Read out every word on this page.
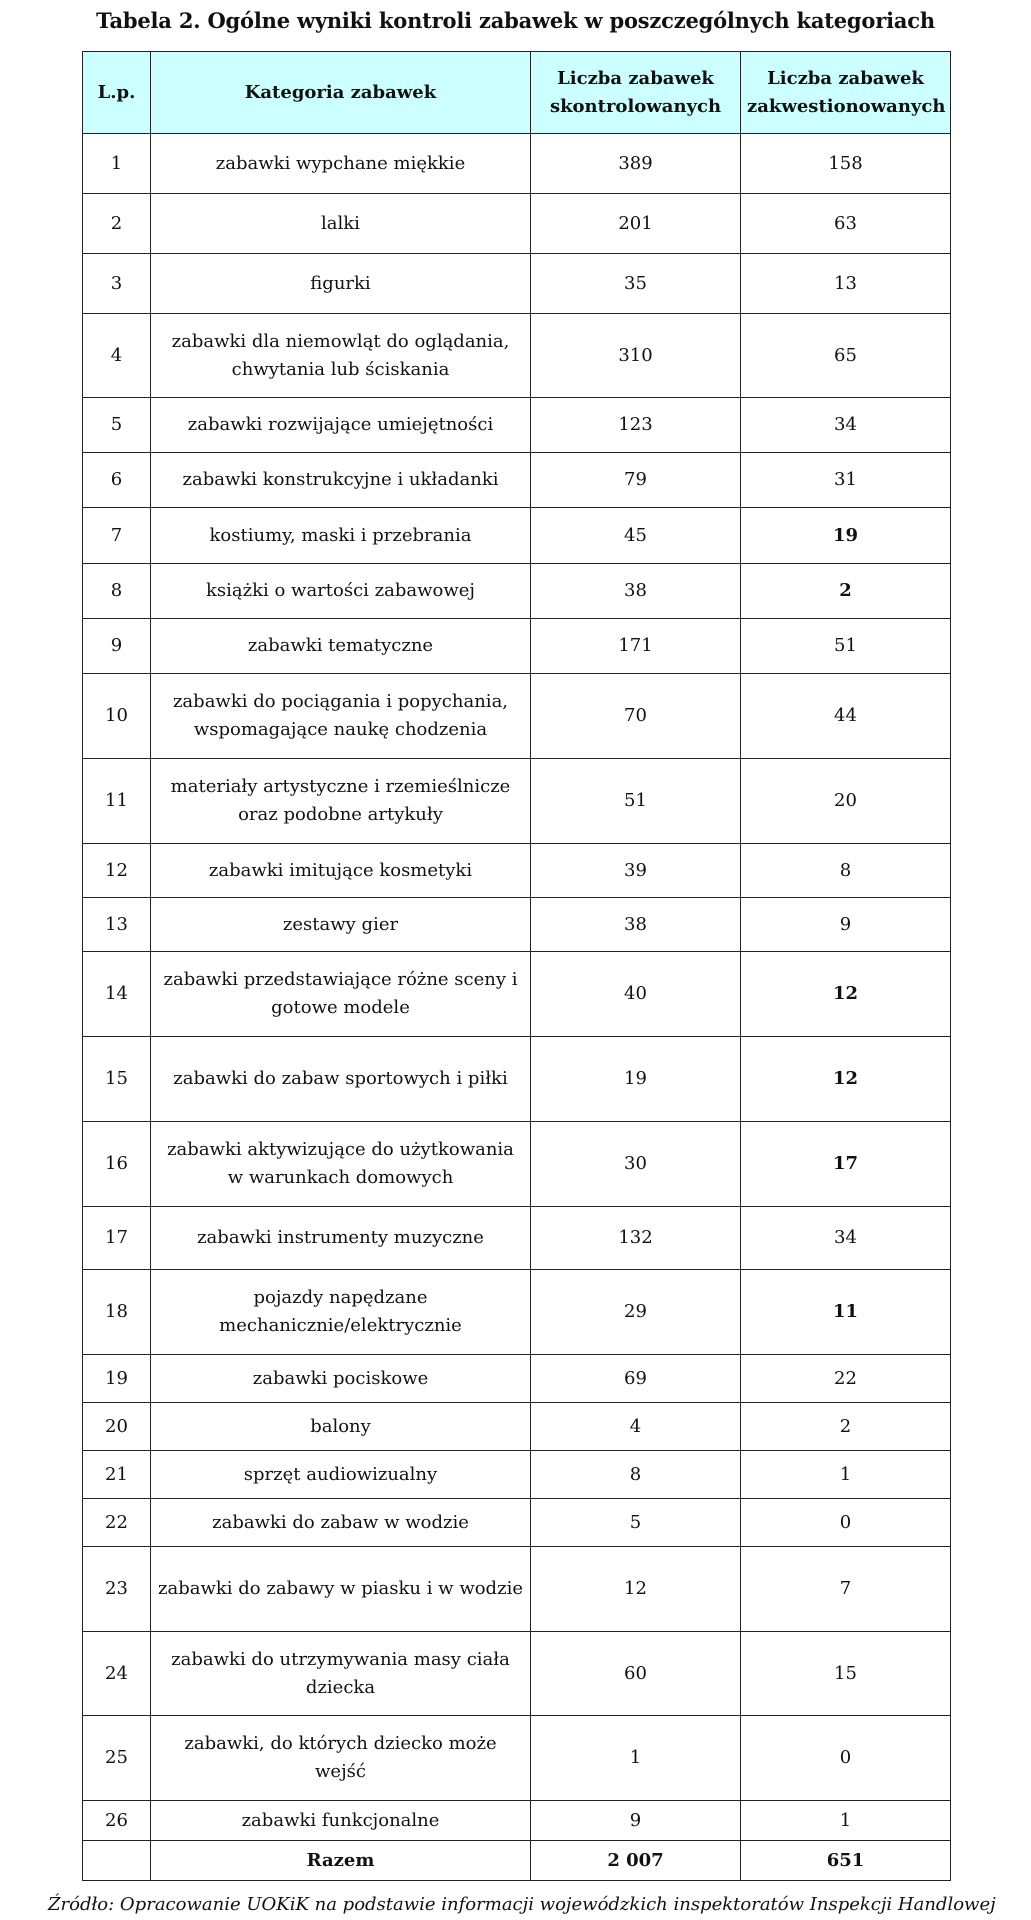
Tabela 2. Ogólne wyniki kontroli zabawek w poszczególnych kategoriach
L.p.	Kategoria zabawek	Liczba zabawek skontrolowanych	Liczba zabawek zakwestionowanych
1	zabawki wypchane miękkie	389	158
2	lalki	201	63
3	figurki	35	13
4	zabawki dla niemowląt do oglądania, chwytania lub ściskania	310	65
5	zabawki rozwijające umiejętności	123	34
6	zabawki konstrukcyjne i układanki	79	31
7	kostiumy, maski i przebrania	45	19
8	książki o wartości zabawowej	38	2
9	zabawki tematyczne	171	51
10	zabawki do pociągania i popychania, wspomagające naukę chodzenia	70	44
11	materiały artystyczne i rzemieślnicze oraz podobne artykuły	51	20
12	zabawki imitujące kosmetyki	39	8
13	zestawy gier	38	9
14	zabawki przedstawiające różne sceny i gotowe modele	40	12
15	zabawki do zabaw sportowych i piłki	19	12
16	zabawki aktywizujące do użytkowania w warunkach domowych	30	17
17	zabawki instrumenty muzyczne	132	34
18	pojazdy napędzane mechanicznie/elektrycznie	29	11
19	zabawki pociskowe	69	22
20	balony	4	2
21	sprzęt audiowizualny	8	1
22	zabawki do zabaw w wodzie	5	0
23	zabawki do zabawy w piasku i w wodzie	12	7
24	zabawki do utrzymywania masy ciała dziecka	60	15
25	zabawki, do których dziecko może wejść	1	0
26	zabawki funkcjonalne	9	1
	Razem	2 007	651
Źródło: Opracowanie UOKiK na podstawie informacji wojewódzkich inspektoratów Inspekcji Handlowej
